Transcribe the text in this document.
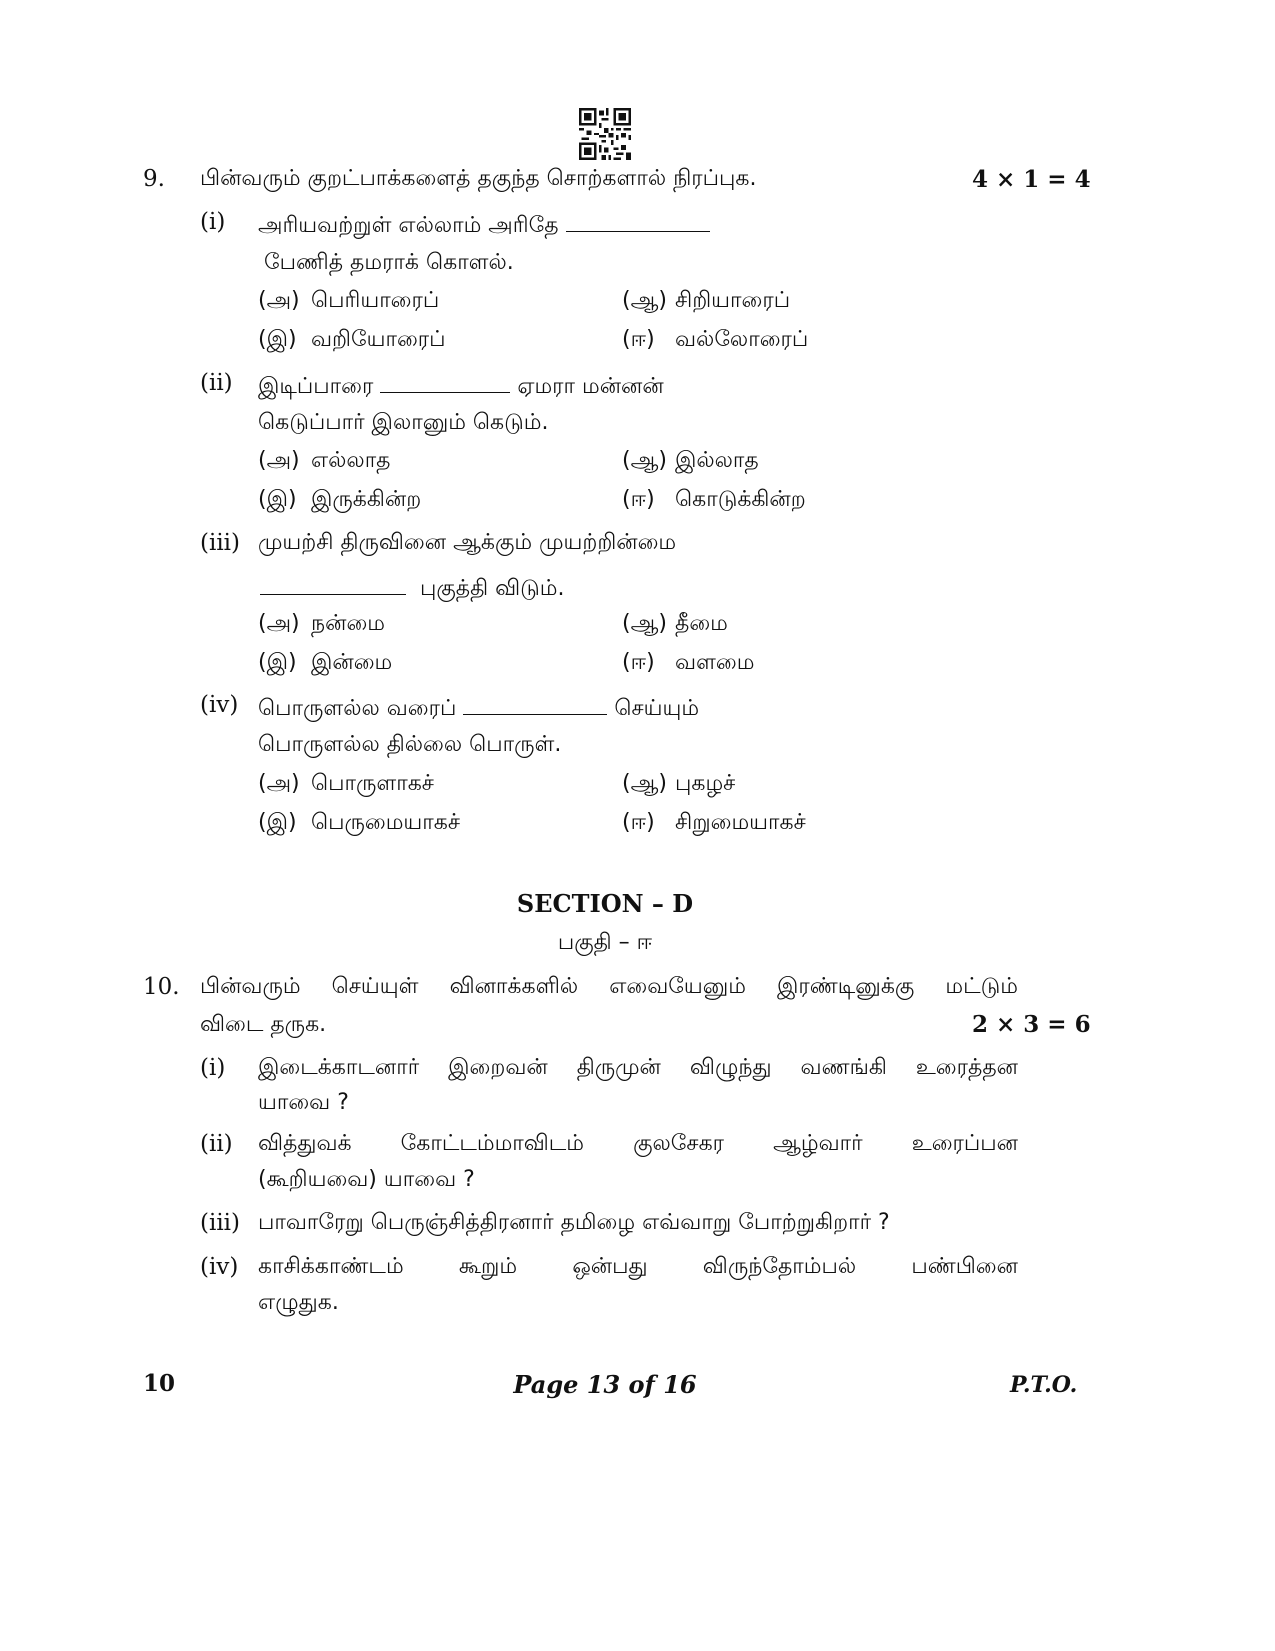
9. பின்வரும் குறட்பாக்களைத் தகுந்த சொற்களால் நிரப்புக.	4 × 1 = 4
(i) அரியவற்றுள் எல்லாம் அரிதே
பேணித் தமராக் கொளல்.
(அ) பெரியாரைப்	(ஆ) சிறியாரைப்
(இ) வறியோரைப்	(ஈ) வல்லோரைப்
(ii) இடிப்பாரை	ஏமரா மன்னன்
கெடுப்பார் இலானும் கெடும்.
(அ) எல்லாத	(ஆ) இல்லாத
(இ) இருக்கின்ற	(ஈ) கொடுக்கின்ற
(iii) முயற்சி திருவினை ஆக்கும் முயற்றின்மை
புகுத்தி விடும்.
(அ) நன்மை	(ஆ) தீமை
(இ) இன்மை	(ஈ) வளமை
(iv) பொருளல்ல வரைப்	செய்யும்
பொருளல்ல தில்லை பொருள்.
(அ) பொருளாகச்	(ஆ) புகழச்
(இ) பெருமையாகச்	(ஈ) சிறுமையாகச்
SECTION – D
பகுதி – ஈ
10. பின்வரும் செய்யுள் வினாக்களில் எவையேனும் இரண்டினுக்கு மட்டும்
விடை தருக.	2 × 3 = 6
(i) இடைக்காடனார் இறைவன் திருமுன் விழுந்து வணங்கி உரைத்தன
யாவை ?
(ii) வித்துவக் கோட்டம்மாவிடம் குலசேகர ஆழ்வார் உரைப்பன
(கூறியவை) யாவை ?
(iii) பாவாரேறு பெருஞ்சித்திரனார் தமிழை எவ்வாறு போற்றுகிறார் ?
(iv) காசிக்காண்டம்	கூறும்	ஒன்பது	விருந்தோம்பல்	பண்பினை
எழுதுக.
10	Page 13 of 16	P.T.O.
